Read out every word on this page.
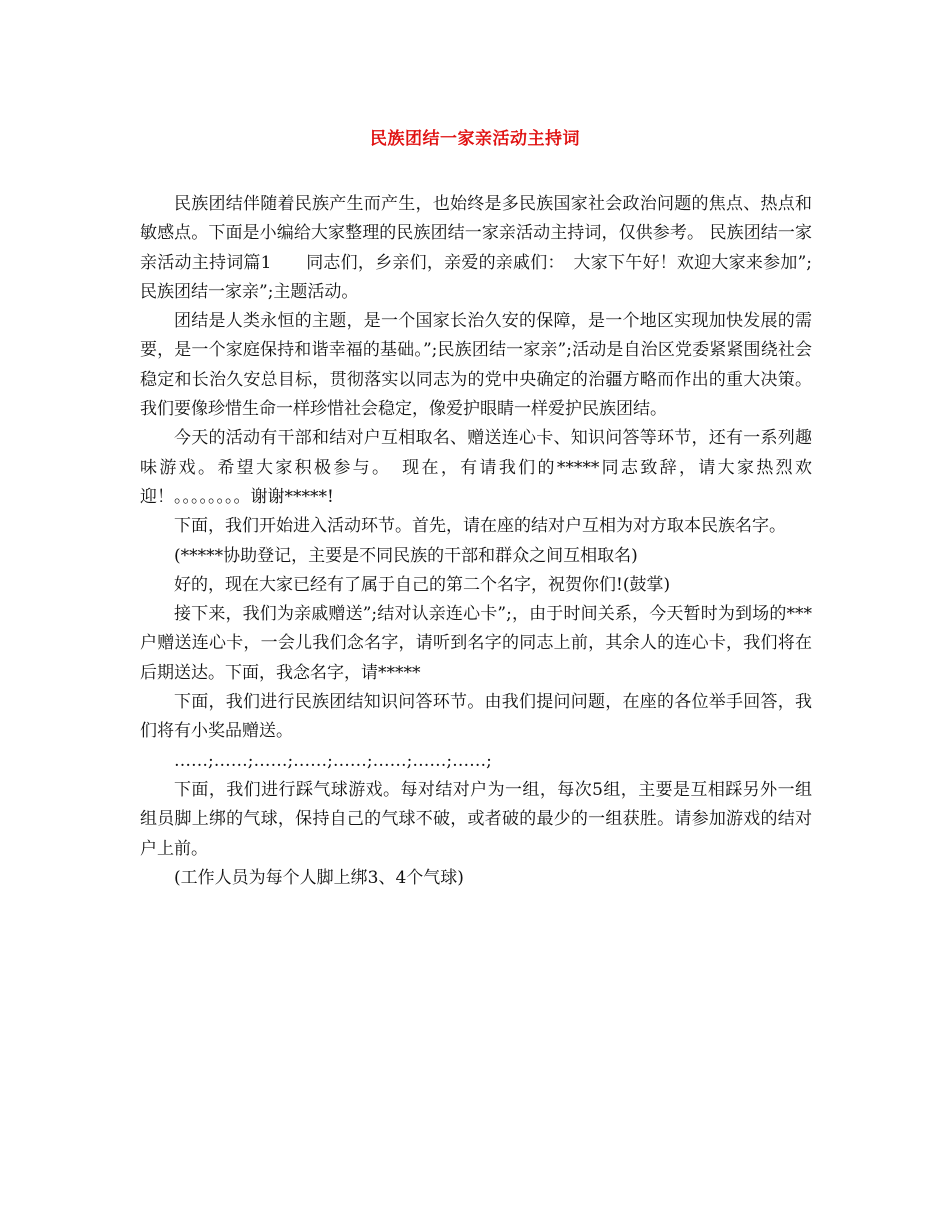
民族团结一家亲活动主持词

民族团结伴随着民族产生而产生，也始终是多民族国家社会政治问题的焦点、热点和敏感点。下面是小编给大家整理的民族团结一家亲活动主持词，仅供参考。 民族团结一家亲活动主持词篇1　　同志们，乡亲们，亲爱的亲戚们：　大家下午好！欢迎大家来参加”;民族团结一家亲”;主题活动。

团结是人类永恒的主题，是一个国家长治久安的保障，是一个地区实现加快发展的需要，是一个家庭保持和谐幸福的基础。”;民族团结一家亲”;活动是自治区党委紧紧围绕社会稳定和长治久安总目标，贯彻落实以同志为的党中央确定的治疆方略而作出的重大决策。我们要像珍惜生命一样珍惜社会稳定，像爱护眼睛一样爱护民族团结。

今天的活动有干部和结对户互相取名、赠送连心卡、知识问答等环节，还有一系列趣味游戏。希望大家积极参与。　现在，有请我们的*****同志致辞，请大家热烈欢迎！。。。。。。。。谢谢*****!

下面，我们开始进入活动环节。首先，请在座的结对户互相为对方取本民族名字。

(*****协助登记，主要是不同民族的干部和群众之间互相取名)

好的，现在大家已经有了属于自己的第二个名字，祝贺你们!(鼓掌)

接下来，我们为亲戚赠送”;结对认亲连心卡”;，由于时间关系，今天暂时为到场的***户赠送连心卡，一会儿我们念名字，请听到名字的同志上前，其余人的连心卡，我们将在后期送达。下面，我念名字，请*****

下面，我们进行民族团结知识问答环节。由我们提问问题，在座的各位举手回答，我们将有小奖品赠送。

……;……;……;……;……;……;……;……;

下面，我们进行踩气球游戏。每对结对户为一组，每次5组，主要是互相踩另外一组组员脚上绑的气球，保持自己的气球不破，或者破的最少的一组获胜。请参加游戏的结对户上前。

(工作人员为每个人脚上绑3、4个气球)
